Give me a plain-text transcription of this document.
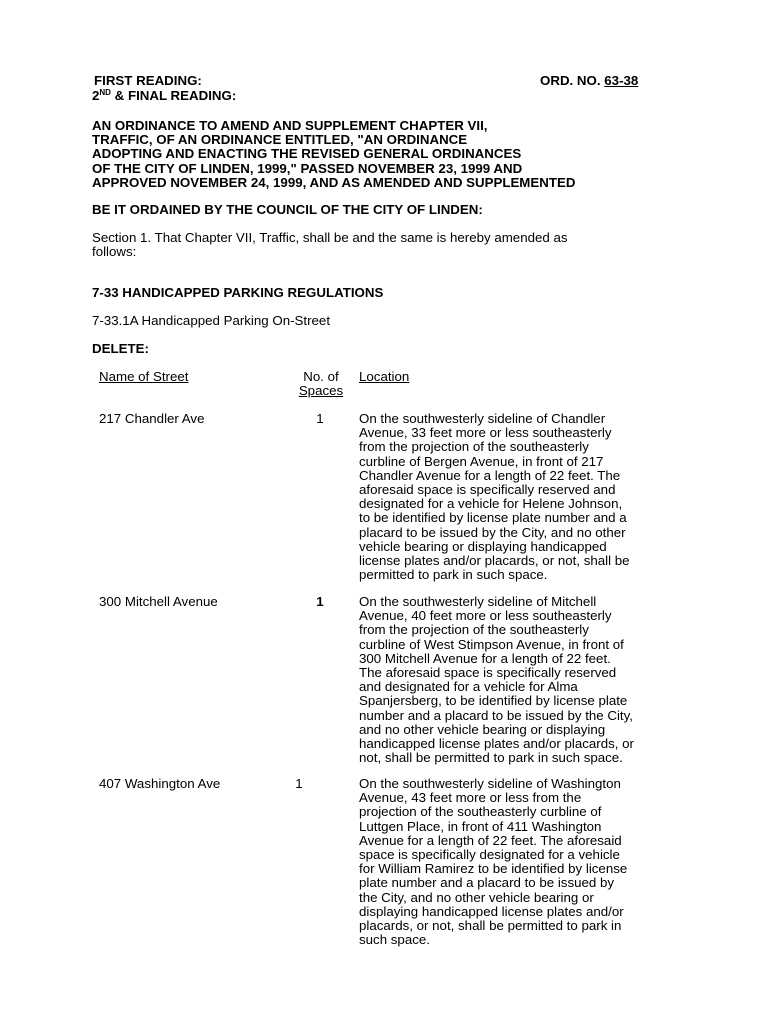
FIRST READING:
2ND & FINAL READING:
ORD. NO. 63-38
AN ORDINANCE TO AMEND AND SUPPLEMENT CHAPTER VII,
TRAFFIC, OF AN ORDINANCE ENTITLED, "AN ORDINANCE
ADOPTING AND ENACTING THE REVISED GENERAL ORDINANCES
OF THE CITY OF LINDEN, 1999," PASSED NOVEMBER 23, 1999 AND
APPROVED NOVEMBER 24, 1999, AND AS AMENDED AND SUPPLEMENTED
BE IT ORDAINED BY THE COUNCIL OF THE CITY OF LINDEN:
Section 1. That Chapter VII, Traffic, shall be and the same is hereby amended as
follows:
7-33 HANDICAPPED PARKING REGULATIONS
7-33.1A Handicapped Parking On-Street
DELETE:
Name of Street	No. of
Spaces
Location
217 Chandler Ave	1	On the southwesterly sideline of Chandler
Avenue, 33 feet more or less southeasterly
from the projection of the southeasterly
curbline of Bergen Avenue, in front of 217
Chandler Avenue for a length of 22 feet. The
aforesaid space is specifically reserved and
designated for a vehicle for Helene Johnson,
to be identified by license plate number and a
placard to be issued by the City, and no other
vehicle bearing or displaying handicapped
license plates and/or placards, or not, shall be
permitted to park in such space.
300 Mitchell Avenue	1	On the southwesterly sideline of Mitchell
Avenue, 40 feet more or less southeasterly
from the projection of the southeasterly
curbline of West Stimpson Avenue, in front of
300 Mitchell Avenue for a length of 22 feet.
The aforesaid space is specifically reserved
and designated for a vehicle for Alma
Spanjersberg, to be identified by license plate
number and a placard to be issued by the City,
and no other vehicle bearing or displaying
handicapped license plates and/or placards, or
not, shall be permitted to park in such space.
407 Washington Ave	1	On the southwesterly sideline of Washington
Avenue, 43 feet more or less from the
projection of the southeasterly curbline of
Luttgen Place, in front of 411 Washington
Avenue for a length of 22 feet. The aforesaid
space is specifically designated for a vehicle
for William Ramirez to be identified by license
plate number and a placard to be issued by
the City, and no other vehicle bearing or
displaying handicapped license plates and/or
placards, or not, shall be permitted to park in
such space.
